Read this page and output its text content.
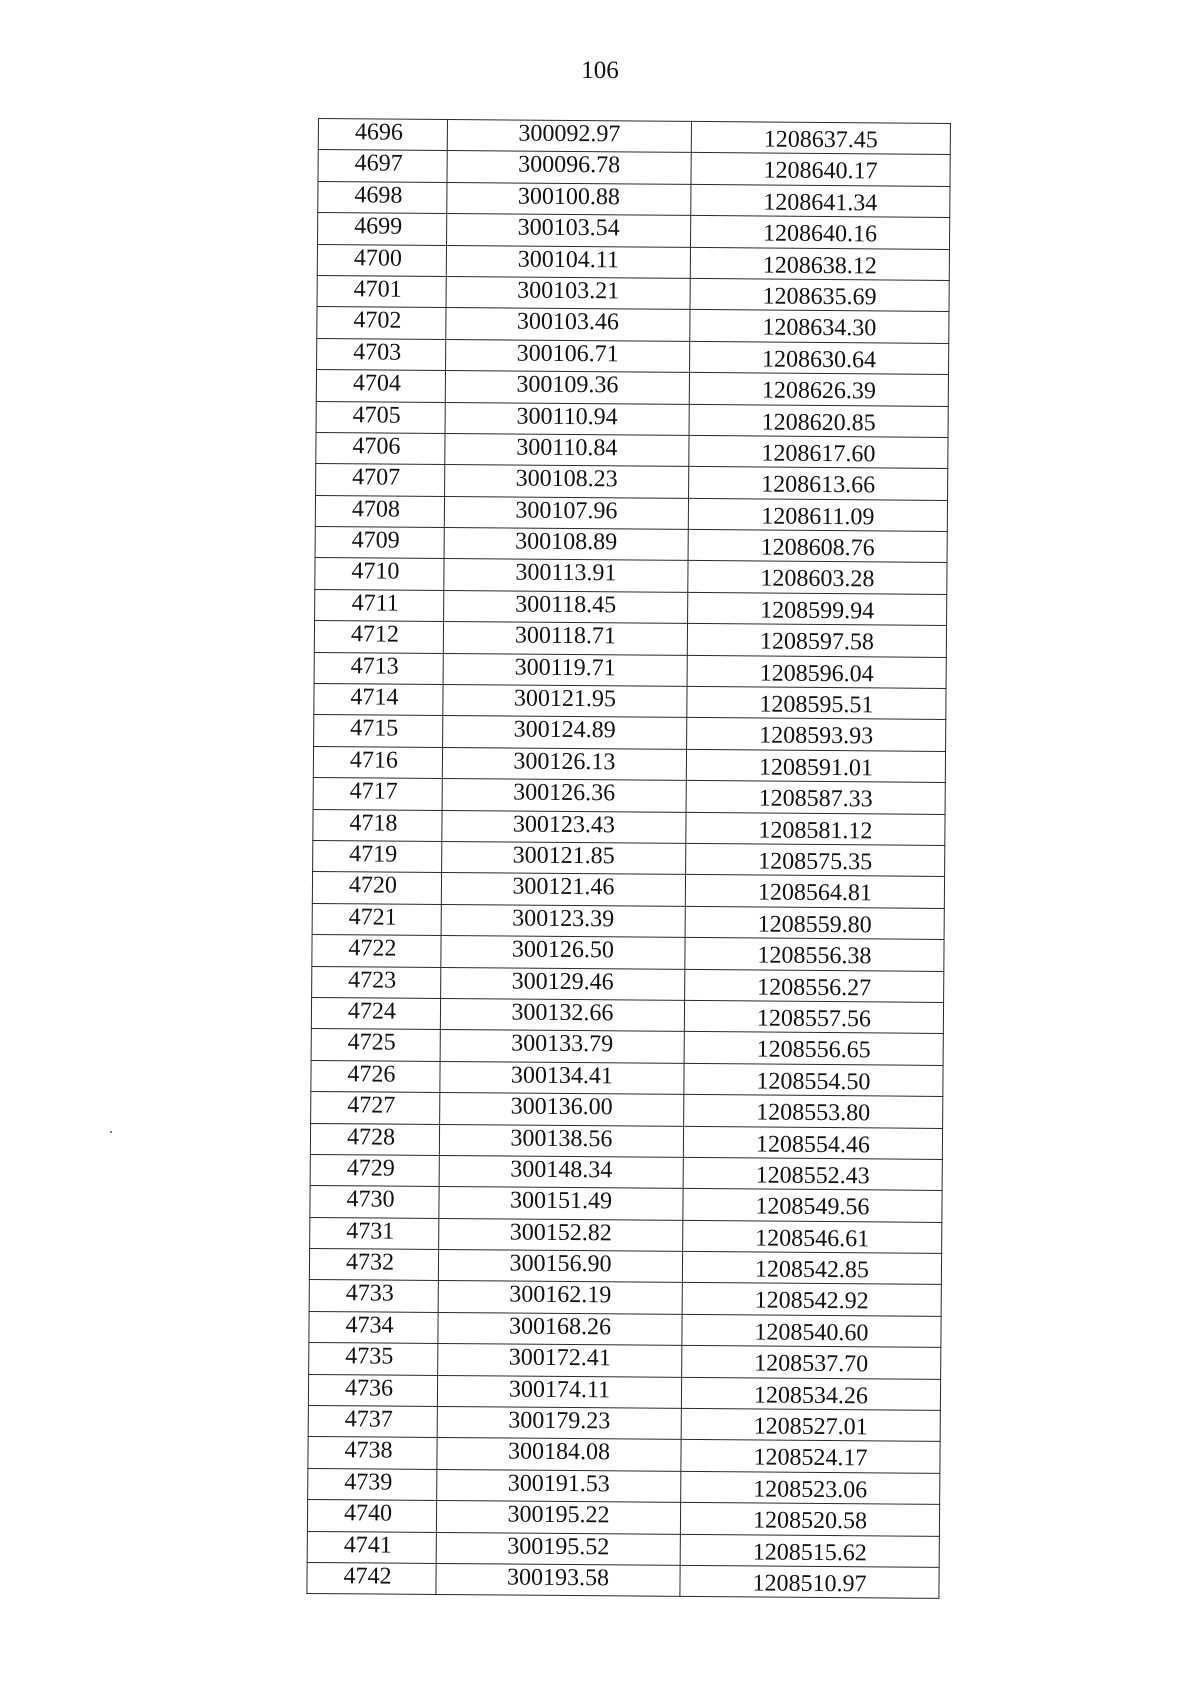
106
4696	300092.97	1208637.45
4697	300096.78	1208640.17
4698	300100.88	1208641.34
4699	300103.54	1208640.16
4700	300104.11	1208638.12
4701	300103.21	1208635.69
4702	300103.46	1208634.30
4703	300106.71	1208630.64
4704	300109.36	1208626.39
4705	300110.94	1208620.85
4706	300110.84	1208617.60
4707	300108.23	1208613.66
4708	300107.96	1208611.09
4709	300108.89	1208608.76
4710	300113.91	1208603.28
4711	300118.45	1208599.94
4712	300118.71	1208597.58
4713	300119.71	1208596.04
4714	300121.95	1208595.51
4715	300124.89	1208593.93
4716	300126.13	1208591.01
4717	300126.36	1208587.33
4718	300123.43	1208581.12
4719	300121.85	1208575.35
4720	300121.46	1208564.81
4721	300123.39	1208559.80
4722	300126.50	1208556.38
4723	300129.46	1208556.27
4724	300132.66	1208557.56
4725	300133.79	1208556.65
4726	300134.41	1208554.50
4727	300136.00	1208553.80
4728	300138.56	1208554.46
4729	300148.34	1208552.43
4730	300151.49	1208549.56
4731	300152.82	1208546.61
4732	300156.90	1208542.85
4733	300162.19	1208542.92
4734	300168.26	1208540.60
4735	300172.41	1208537.70
4736	300174.11	1208534.26
4737	300179.23	1208527.01
4738	300184.08	1208524.17
4739	300191.53	1208523.06
4740	300195.22	1208520.58
4741	300195.52	1208515.62
4742	300193.58	1208510.97
